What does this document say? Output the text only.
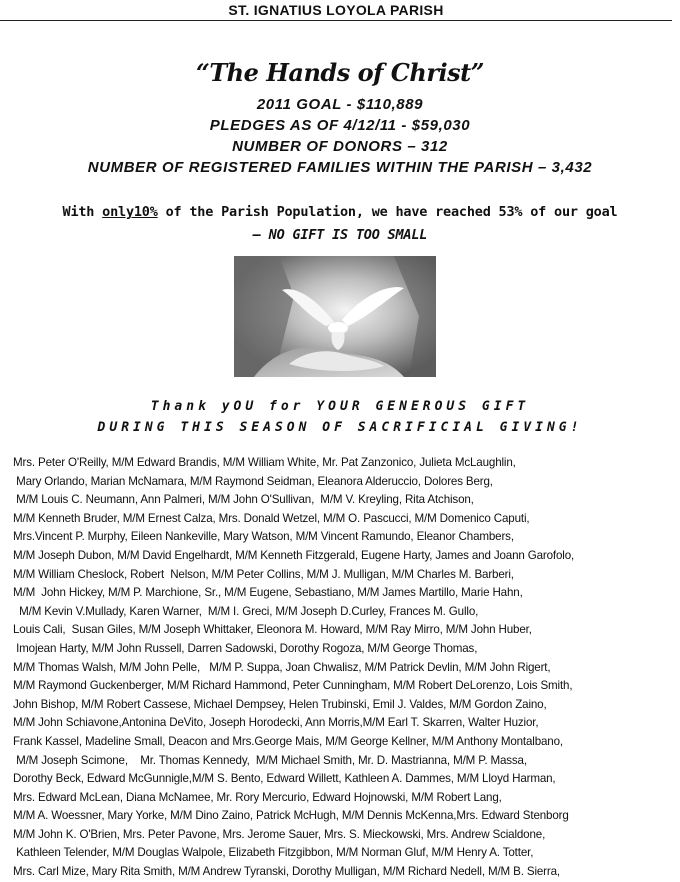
ST. IGNATIUS LOYOLA PARISH
“The Hands of Christ”
2011 GOAL - $110,889
PLEDGES AS OF 4/12/11 - $59,030
NUMBER OF DONORS – 312
NUMBER OF REGISTERED FAMILIES WITHIN THE PARISH – 3,432
With only10% of the Parish Population, we have reached 53% of our goal
– NO GIFT IS TOO SMALL
Thank yOU for YOUR GENEROUS GIFT
DURING THIS SEASON OF SACRIFICIAL GIVING!
Mrs. Peter O'Reilly, M/M Edward Brandis, M/M William White, Mr. Pat Zanzonico, Julieta McLaughlin,
Mary Orlando, Marian McNamara, M/M Raymond Seidman, Eleanora Alderuccio, Dolores Berg,
M/M Louis C. Neumann, Ann Palmeri, M/M John O'Sullivan,  M/M V. Kreyling, Rita Atchison,
M/M Kenneth Bruder, M/M Ernest Calza, Mrs. Donald Wetzel, M/M O. Pascucci, M/M Domenico Caputi,
Mrs.Vincent P. Murphy, Eileen Nankeville, Mary Watson, M/M Vincent Ramundo, Eleanor Chambers,
M/M Joseph Dubon, M/M David Engelhardt, M/M Kenneth Fitzgerald, Eugene Harty, James and Joann Garofolo,
M/M William Cheslock, Robert  Nelson, M/M Peter Collins, M/M J. Mulligan, M/M Charles M. Barberi,
M/M  John Hickey, M/M P. Marchione, Sr., M/M Eugene, Sebastiano, M/M James Martillo, Marie Hahn,
M/M Kevin V.Mullady, Karen Warner,  M/M I. Greci, M/M Joseph D.Curley, Frances M. Gullo,
Louis Cali,  Susan Giles, M/M Joseph Whittaker, Eleonora M. Howard, M/M Ray Mirro, M/M John Huber,
Imojean Harty, M/M John Russell, Darren Sadowski, Dorothy Rogoza, M/M George Thomas,
M/M Thomas Walsh, M/M John Pelle,   M/M P. Suppa, Joan Chwalisz, M/M Patrick Devlin, M/M John Rigert,
M/M Raymond Guckenberger, M/M Richard Hammond, Peter Cunningham, M/M Robert DeLorenzo, Lois Smith,
John Bishop, M/M Robert Cassese, Michael Dempsey, Helen Trubinski, Emil J. Valdes, M/M Gordon Zaino,
M/M John Schiavone,Antonina DeVito, Joseph Horodecki, Ann Morris,M/M Earl T. Skarren, Walter Huzior,
Frank Kassel, Madeline Small, Deacon and Mrs.George Mais, M/M George Kellner, M/M Anthony Montalbano,
M/M Joseph Scimone,    Mr. Thomas Kennedy,  M/M Michael Smith, Mr. D. Mastrianna, M/M P. Massa,
Dorothy Beck, Edward McGunnigle,M/M S. Bento, Edward Willett, Kathleen A. Dammes, M/M Lloyd Harman,
Mrs. Edward McLean, Diana McNamee, Mr. Rory Mercurio, Edward Hojnowski, M/M Robert Lang,
M/M A. Woessner, Mary Yorke, M/M Dino Zaino, Patrick McHugh, M/M Dennis McKenna,Mrs. Edward Stenborg
M/M John K. O'Brien, Mrs. Peter Pavone, Mrs. Jerome Sauer, Mrs. S. Mieckowski, Mrs. Andrew Scialdone,
Kathleen Telender, M/M Douglas Walpole, Elizabeth Fitzgibbon, M/M Norman Gluf, M/M Henry A. Totter,
Mrs. Carl Mize, Mary Rita Smith, M/M Andrew Tyranski, Dorothy Mulligan, M/M Richard Nedell, M/M B. Sierra,
